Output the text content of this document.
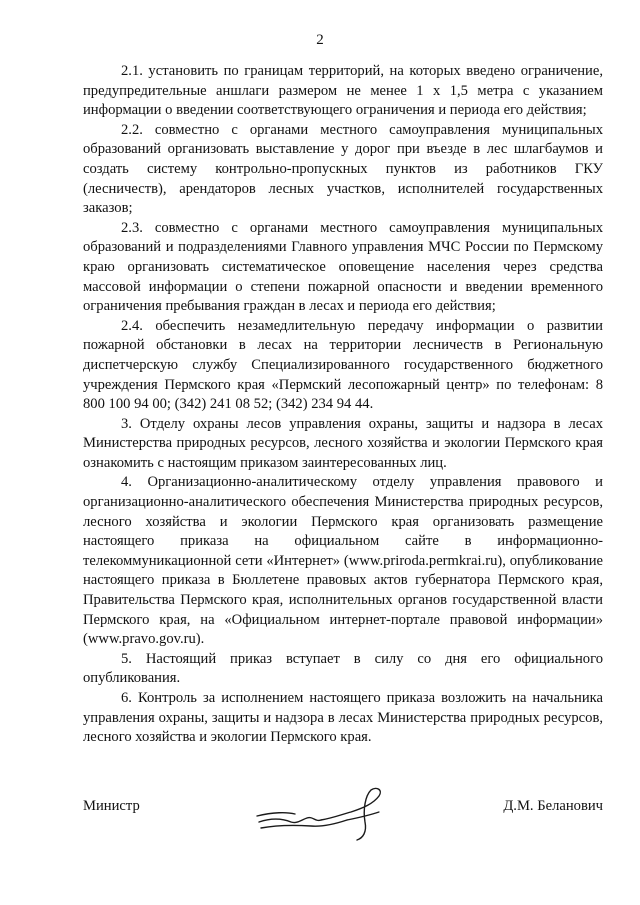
2

2.1. установить по границам территорий, на которых введено ограничение, предупредительные аншлаги размером не менее 1 х 1,5 метра с указанием информации о введении соответствующего ограничения и периода его действия;

2.2. совместно с органами местного самоуправления муниципальных образований организовать выставление у дорог при въезде в лес шлагбаумов и создать систему контрольно-пропускных пунктов из работников ГКУ (лесничеств), арендаторов лесных участков, исполнителей государственных заказов;

2.3. совместно с органами местного самоуправления муниципальных образований и подразделениями Главного управления МЧС России по Пермскому краю организовать систематическое оповещение населения через средства массовой информации о степени пожарной опасности и введении временного ограничения пребывания граждан в лесах и периода его действия;

2.4. обеспечить незамедлительную передачу информации о развитии пожарной обстановки в лесах на территории лесничеств в Региональную диспетчерскую службу Специализированного государственного бюджетного учреждения Пермского края «Пермский лесопожарный центр» по телефонам: 8 800 100 94 00; (342) 241 08 52; (342) 234 94 44.

3. Отделу охраны лесов управления охраны, защиты и надзора в лесах Министерства природных ресурсов, лесного хозяйства и экологии Пермского края ознакомить с настоящим приказом заинтересованных лиц.

4. Организационно-аналитическому отделу управления правового и организационно-аналитического обеспечения Министерства природных ресурсов, лесного хозяйства и экологии Пермского края организовать размещение настоящего приказа на официальном сайте в информационно-телекоммуникационной сети «Интернет» (www.priroda.permkrai.ru), опубликование настоящего приказа в Бюллетене правовых актов губернатора Пермского края, Правительства Пермского края, исполнительных органов государственной власти Пермского края, на «Официальном интернет-портале правовой информации» (www.pravo.gov.ru).

5. Настоящий приказ вступает в силу со дня его официального опубликования.

6. Контроль за исполнением настоящего приказа возложить на начальника управления охраны, защиты и надзора в лесах Министерства природных ресурсов, лесного хозяйства и экологии Пермского края.

Министр	Д.М. Беланович
